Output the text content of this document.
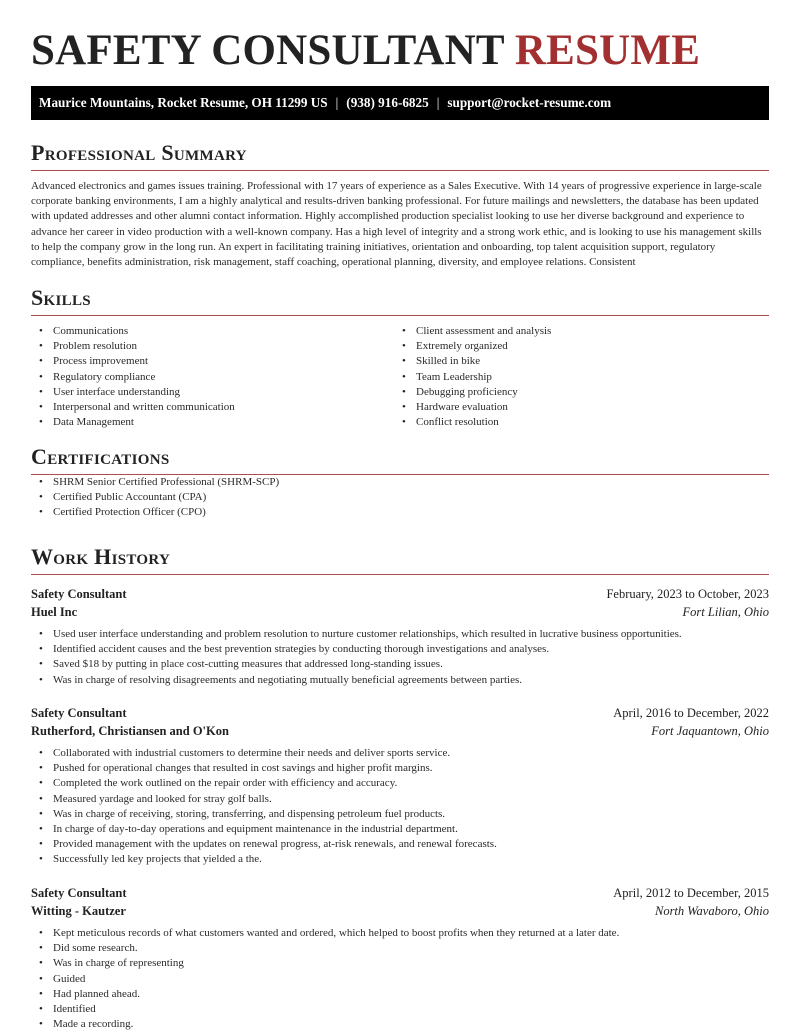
SAFETY CONSULTANT RESUME
Maurice Mountains, Rocket Resume, OH 11299 US | (938) 916-6825 | support@rocket-resume.com
Professional Summary

Advanced electronics and games issues training. Professional with 17 years of experience as a Sales Executive. With 14 years of progressive experience in large-scale corporate banking environments, I am a highly analytical and results-driven banking professional. For future mailings and newsletters, the database has been updated with updated addresses and other alumni contact information. Highly accomplished production specialist looking to use her diverse background and experience to advance her career in video production with a well-known company. Has a high level of integrity and a strong work ethic, and is looking to use his management skills to help the company grow in the long run. An expert in facilitating training initiatives, orientation and onboarding, top talent acquisition support, regulatory compliance, benefits administration, risk management, staff coaching, operational planning, diversity, and employee relations. Consistent

Skills
• Communications
• Problem resolution
• Process improvement
• Regulatory compliance
• User interface understanding
• Interpersonal and written communication
• Data Management
• Client assessment and analysis
• Extremely organized
• Skilled in bike
• Team Leadership
• Debugging proficiency
• Hardware evaluation
• Conflict resolution
Certifications
• SHRM Senior Certified Professional (SHRM-SCP)
• Certified Public Accountant (CPA)
• Certified Protection Officer (CPO)
Work History
Safety Consultant	February, 2023 to October, 2023
Huel Inc	Fort Lilian, Ohio
• Used user interface understanding and problem resolution to nurture customer relationships, which resulted in lucrative business opportunities.
• Identified accident causes and the best prevention strategies by conducting thorough investigations and analyses.
• Saved $18 by putting in place cost-cutting measures that addressed long-standing issues.
• Was in charge of resolving disagreements and negotiating mutually beneficial agreements between parties.
Safety Consultant	April, 2016 to December, 2022
Rutherford, Christiansen and O'Kon	Fort Jaquantown, Ohio
• Collaborated with industrial customers to determine their needs and deliver sports service.
• Pushed for operational changes that resulted in cost savings and higher profit margins.
• Completed the work outlined on the repair order with efficiency and accuracy.
• Measured yardage and looked for stray golf balls.
• Was in charge of receiving, storing, transferring, and dispensing petroleum fuel products.
• In charge of day-to-day operations and equipment maintenance in the industrial department.
• Provided management with the updates on renewal progress, at-risk renewals, and renewal forecasts.
• Successfully led key projects that yielded a the.
Safety Consultant	April, 2012 to December, 2015
Witting - Kautzer	North Wavaboro, Ohio
• Kept meticulous records of what customers wanted and ordered, which helped to boost profits when they returned at a later date.
• Did some research.
• Was in charge of representing
• Guided
• Had planned ahead.
• Identified
• Made a recording.
